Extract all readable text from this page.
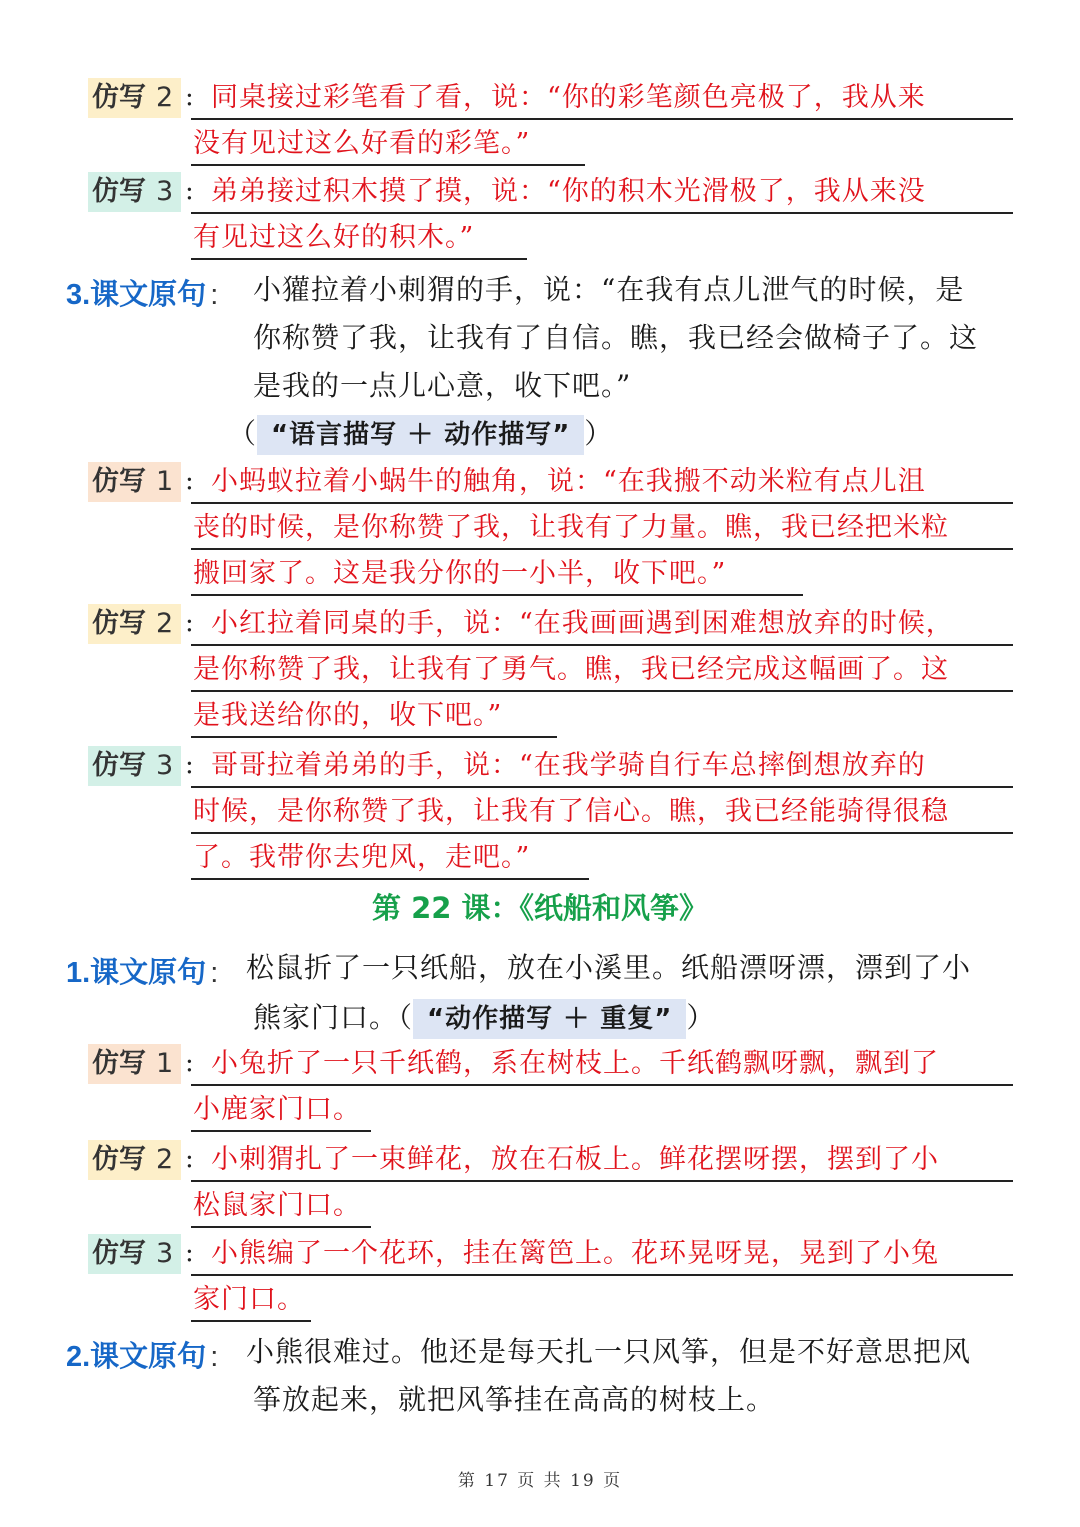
仿写 2 : 同桌接过彩笔看了看，说：“你的彩笔颜色亮极了，我从来
没有见过这么好看的彩笔。”
仿写 3 : 弟弟接过积木摸了摸，说：“你的积木光滑极了，我从来没
有见过这么好的积木。”
3.课文原句 : 小獾拉着小刺猬的手，说：“在我有点儿泄气的时候，是
你称赞了我，让我有了自信。瞧，我已经会做椅子了。这
是我的一点儿心意，收下吧。”
（ “语言描写 ＋ 动作描写” ）
仿写 1 : 小蚂蚁拉着小蜗牛的触角，说：“在我搬不动米粒有点儿沮
丧的时候，是你称赞了我，让我有了力量。瞧，我已经把米粒
搬回家了。这是我分你的一小半，收下吧。”
仿写 2 : 小红拉着同桌的手，说：“在我画画遇到困难想放弃的时候，
是你称赞了我，让我有了勇气。瞧，我已经完成这幅画了。这
是我送给你的，收下吧。”
仿写 3 : 哥哥拉着弟弟的手，说：“在我学骑自行车总摔倒想放弃的
时候，是你称赞了我，让我有了信心。瞧，我已经能骑得很稳
了。我带你去兜风，走吧。”
第 22 课：《纸船和风筝》
1.课文原句 : 松鼠折了一只纸船，放在小溪里。纸船漂呀漂，漂到了小
熊家门口。（ “动作描写 ＋ 重复” ）
仿写 1 : 小兔折了一只千纸鹤，系在树枝上。千纸鹤飘呀飘，飘到了
小鹿家门口。
仿写 2 : 小刺猬扎了一束鲜花，放在石板上。鲜花摆呀摆，摆到了小
松鼠家门口。
仿写 3 : 小熊编了一个花环，挂在篱笆上。花环晃呀晃，晃到了小兔
家门口。
2.课文原句 : 小熊很难过。他还是每天扎一只风筝，但是不好意思把风
筝放起来，就把风筝挂在高高的树枝上。
第 17 页 共 19 页
